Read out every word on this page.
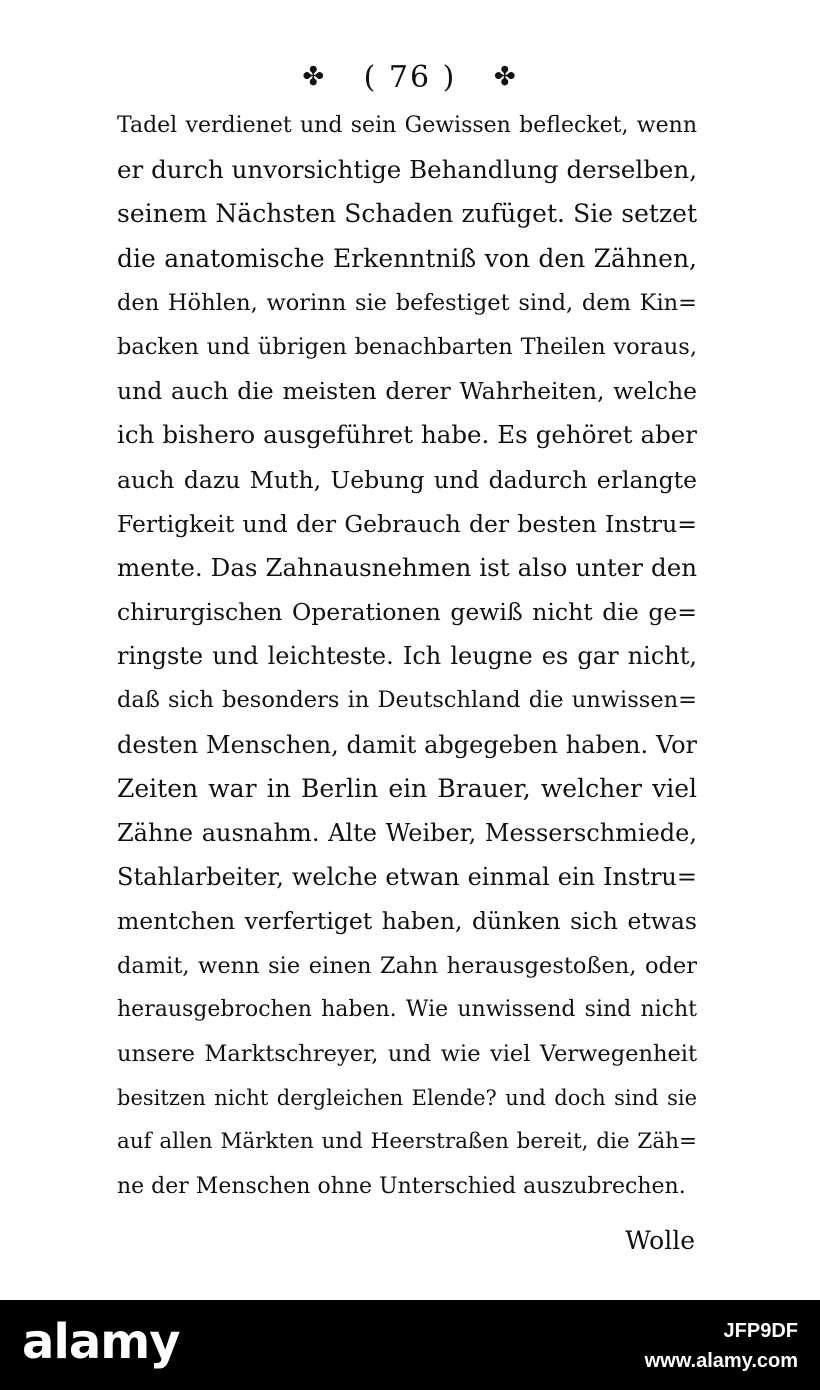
✤ ( 76 ) ✤
Tadel verdienet und sein Gewissen beflecket, wenn
er durch unvorsichtige Behandlung derselben,
seinem Nächsten Schaden zufüget. Sie setzet
die anatomische Erkenntniß von den Zähnen,
den Höhlen, worinn sie befestiget sind, dem Kin=
backen und übrigen benachbarten Theilen voraus,
und auch die meisten derer Wahrheiten, welche
ich bishero ausgeführet habe. Es gehöret aber
auch dazu Muth, Uebung und dadurch erlangte
Fertigkeit und der Gebrauch der besten Instru=
mente. Das Zahnausnehmen ist also unter den
chirurgischen Operationen gewiß nicht die ge=
ringste und leichteste. Ich leugne es gar nicht,
daß sich besonders in Deutschland die unwissen=
desten Menschen, damit abgegeben haben. Vor
Zeiten war in Berlin ein Brauer, welcher viel
Zähne ausnahm. Alte Weiber, Messerschmiede,
Stahlarbeiter, welche etwan einmal ein Instru=
mentchen verfertiget haben, dünken sich etwas
damit, wenn sie einen Zahn herausgestoßen, oder
herausgebrochen haben. Wie unwissend sind nicht
unsere Marktschreyer, und wie viel Verwegenheit
besitzen nicht dergleichen Elende? und doch sind sie
auf allen Märkten und Heerstraßen bereit, die Zäh=
ne der Menschen ohne Unterschied auszubrechen.
Wolle
alamy	JFP9DF
www.alamy.com
